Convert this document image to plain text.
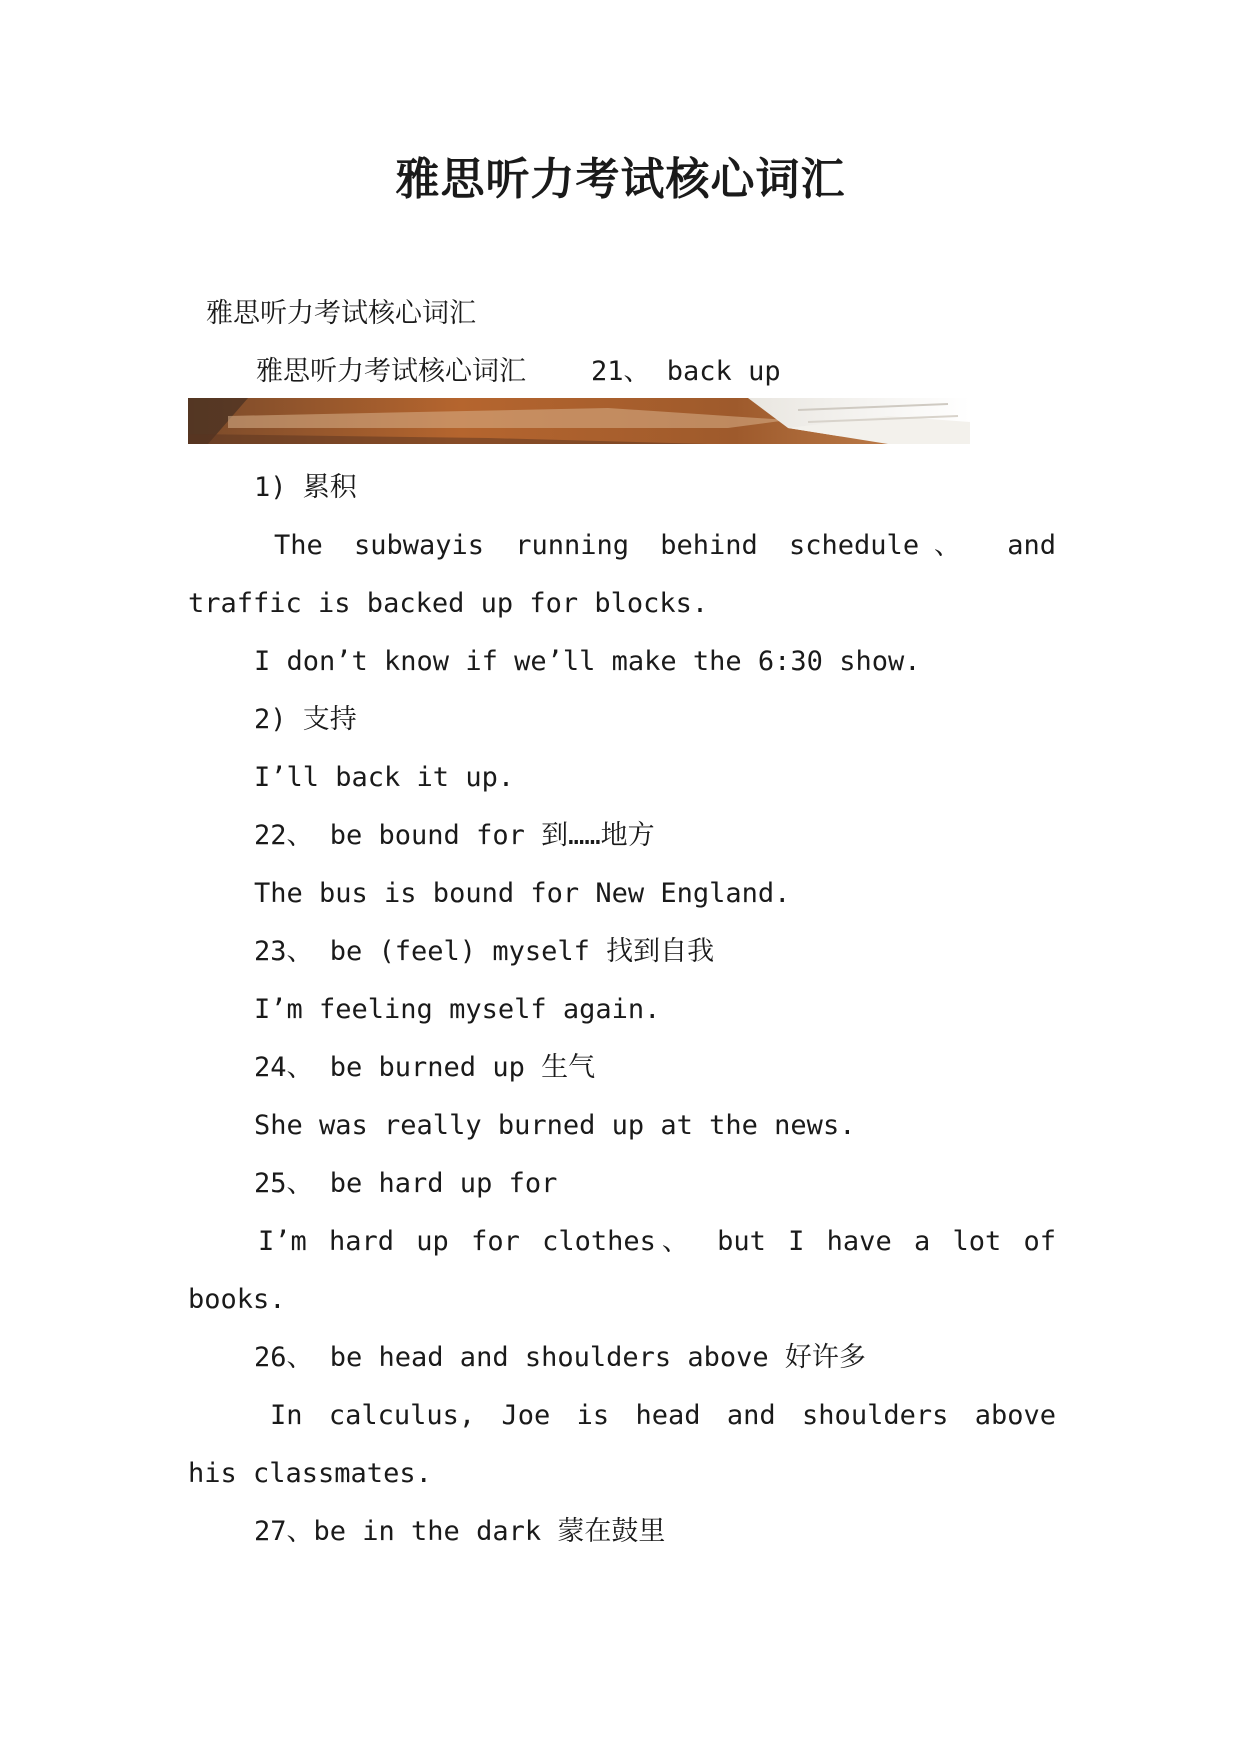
雅思听力考试核心词汇
雅思听力考试核心词汇
雅思听力考试核心词汇    21、 back up
1) 累积
The subwayis running behind schedule、 and
traffic is backed up for blocks.
I don’t know if we’ll make the 6:30 show.
2) 支持
I’ll back it up.
22、 be bound for 到……地方
The bus is bound for New England.
23、 be (feel) myself 找到自我
I’m feeling myself again.
24、 be burned up 生气
She was really burned up at the news.
25、 be hard up for
I’m hard up for clothes、 but I have a lot of
books.
26、 be head and shoulders above 好许多
In calculus, Joe is head and shoulders above
his classmates.
27、be in the dark 蒙在鼓里
